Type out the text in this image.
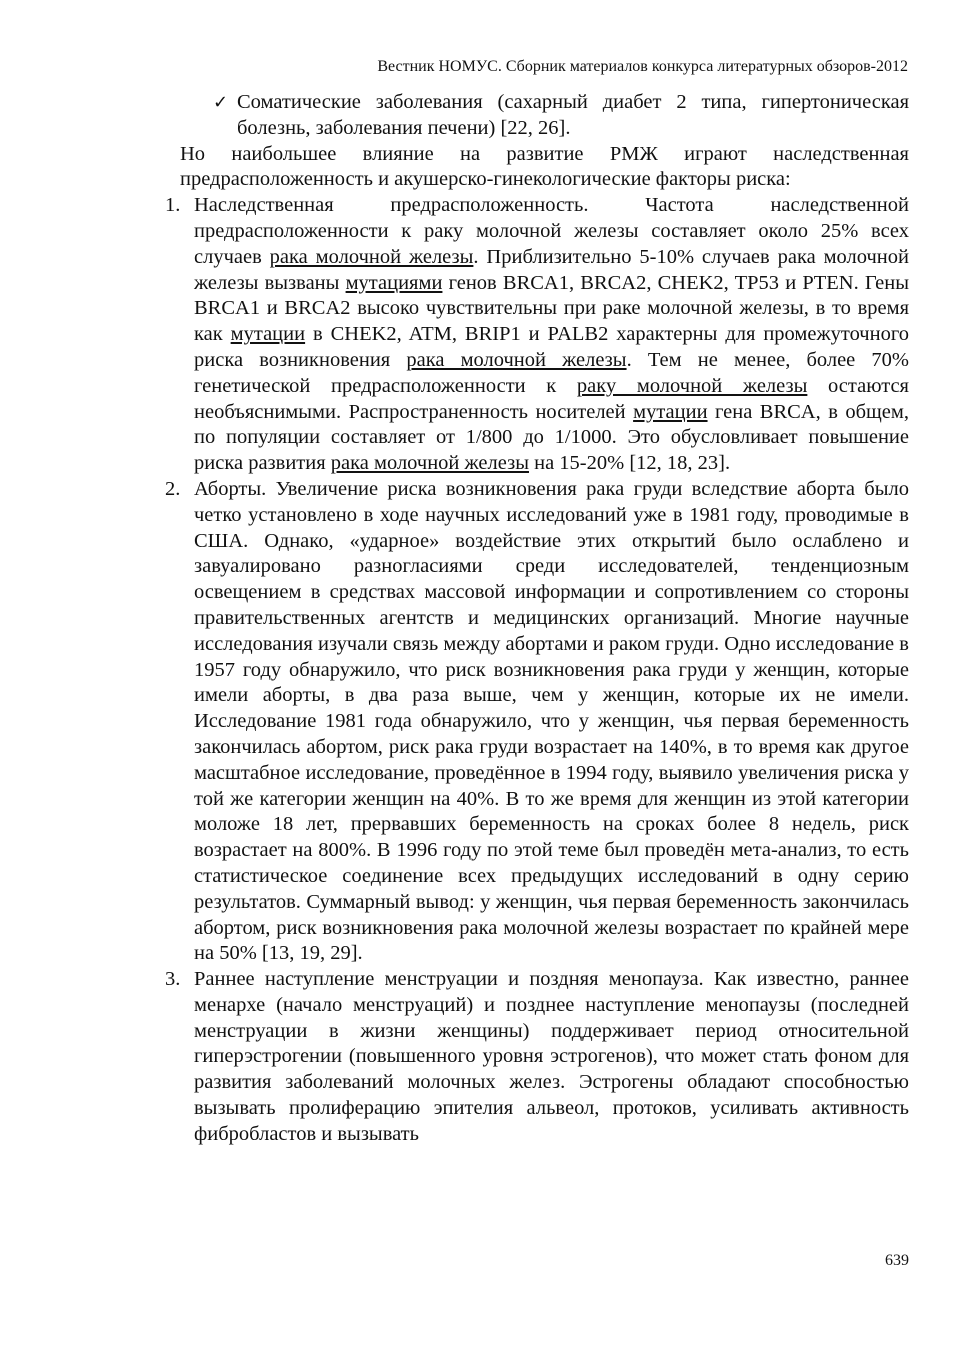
Вестник НОМУС. Сборник материалов конкурса литературных обзоров-2012
✓ Соматические заболевания (сахарный диабет 2 типа, гипертоническая болезнь, заболевания печени) [22, 26].
Но наибольшее влияние на развитие РМЖ играют наследственная предрасположенность и акушерско-гинекологические факторы риска:
1. Наследственная предрасположенность. Частота наследственной предрасположенности к раку молочной железы составляет около 25% всех случаев рака молочной железы. Приблизительно 5-10% случаев рака молочной железы вызваны мутациями генов BRCA1, BRCA2, CHEK2, TP53 и PTEN. Гены BRCA1 и BRCA2 высоко чувствительны при раке молочной железы, в то время как мутации в CHEK2, ATM, BRIP1 и PALB2 характерны для промежуточного риска возникновения рака молочной железы. Тем не менее, более 70% генетической предрасположенности к раку молочной железы остаются необъяснимыми. Распространенность носителей мутации гена BRCA, в общем, по популяции составляет от 1/800 до 1/1000. Это обусловливает повышение риска развития рака молочной железы на 15-20% [12, 18, 23].
2. Аборты. Увеличение риска возникновения рака груди вследствие аборта было четко установлено в ходе научных исследований уже в 1981 году, проводимые в США. Однако, «ударное» воздействие этих открытий было ослаблено и завуалировано разногласиями среди исследователей, тенденциозным освещением в средствах массовой информации и сопротивлением со стороны правительственных агентств и медицинских организаций. Многие научные исследования изучали связь между абортами и раком груди. Одно исследование в 1957 году обнаружило, что риск возникновения рака груди у женщин, которые имели аборты, в два раза выше, чем у женщин, которые их не имели. Исследование 1981 года обнаружило, что у женщин, чья первая беременность закончилась абортом, риск рака груди возрастает на 140%, в то время как другое масштабное исследование, проведённое в 1994 году, выявило увеличения риска у той же категории женщин на 40%. В то же время для женщин из этой категории моложе 18 лет, прервавших беременность на сроках более 8 недель, риск возрастает на 800%. В 1996 году по этой теме был проведён мета-анализ, то есть статистическое соединение всех предыдущих исследований в одну серию результатов. Суммарный вывод: у женщин, чья первая беременность закончилась абортом, риск возникновения рака молочной железы возрастает по крайней мере на 50% [13, 19, 29].
3. Раннее наступление менструации и поздняя менопауза. Как известно, раннее менархе (начало менструаций) и позднее наступление менопаузы (последней менструации в жизни женщины) поддерживает период относительной гиперэстрогении (повышенного уровня эстрогенов), что может стать фоном для развития заболеваний молочных желез. Эстрогены обладают способностью вызывать пролиферацию эпителия альвеол, протоков, усиливать активность фибробластов и вызывать
639
